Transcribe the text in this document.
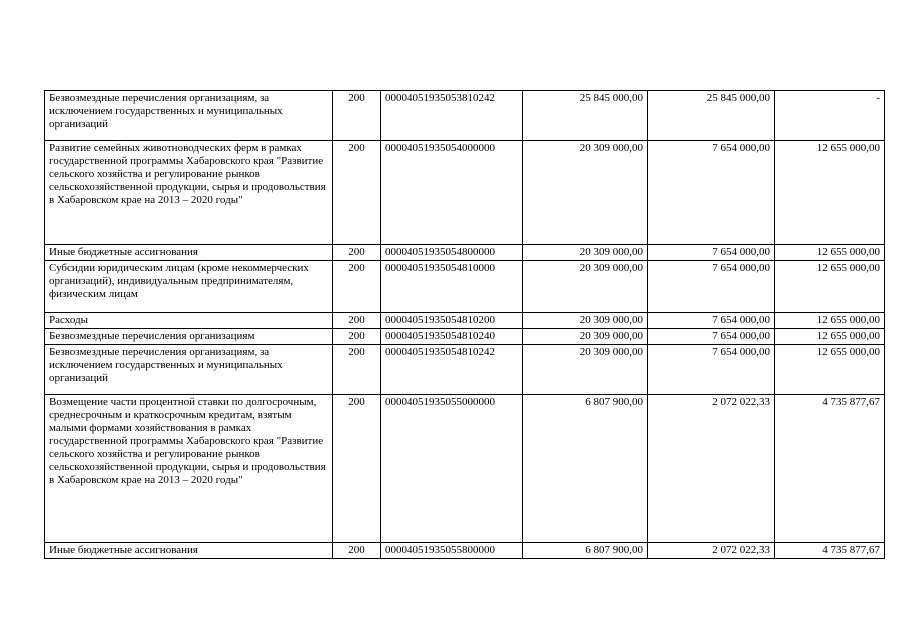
Безвозмездные перечисления организациям, за исключением государственных и муниципальных организаций	200	00004051935053810242	25 845 000,00	25 845 000,00	-
Развитие семейных животноводческих ферм в рамках государственной программы Хабаровского края "Развитие сельского хозяйства и регулирование рынков сельскохозяйственной продукции, сырья и продовольствия в Хабаровском крае на 2013 – 2020 годы"	200	00004051935054000000	20 309 000,00	7 654 000,00	12 655 000,00
Иные бюджетные ассигнования	200	00004051935054800000	20 309 000,00	7 654 000,00	12 655 000,00
Субсидии юридическим лицам (кроме некоммерческих организаций), индивидуальным предпринимателям, физическим лицам	200	00004051935054810000	20 309 000,00	7 654 000,00	12 655 000,00
Расходы	200	00004051935054810200	20 309 000,00	7 654 000,00	12 655 000,00
Безвозмездные перечисления организациям	200	00004051935054810240	20 309 000,00	7 654 000,00	12 655 000,00
Безвозмездные перечисления организациям, за исключением государственных и муниципальных организаций	200	00004051935054810242	20 309 000,00	7 654 000,00	12 655 000,00
Возмещение части процентной ставки по долгосрочным, среднесрочным и краткосрочным кредитам, взятым малыми формами хозяйствования в рамках государственной программы Хабаровского края "Развитие сельского хозяйства и регулирование рынков сельскохозяйственной продукции, сырья и продовольствия в Хабаровском крае на 2013 – 2020 годы"	200	00004051935055000000	6 807 900,00	2 072 022,33	4 735 877,67
Иные бюджетные ассигнования	200	00004051935055800000	6 807 900,00	2 072 022,33	4 735 877,67
